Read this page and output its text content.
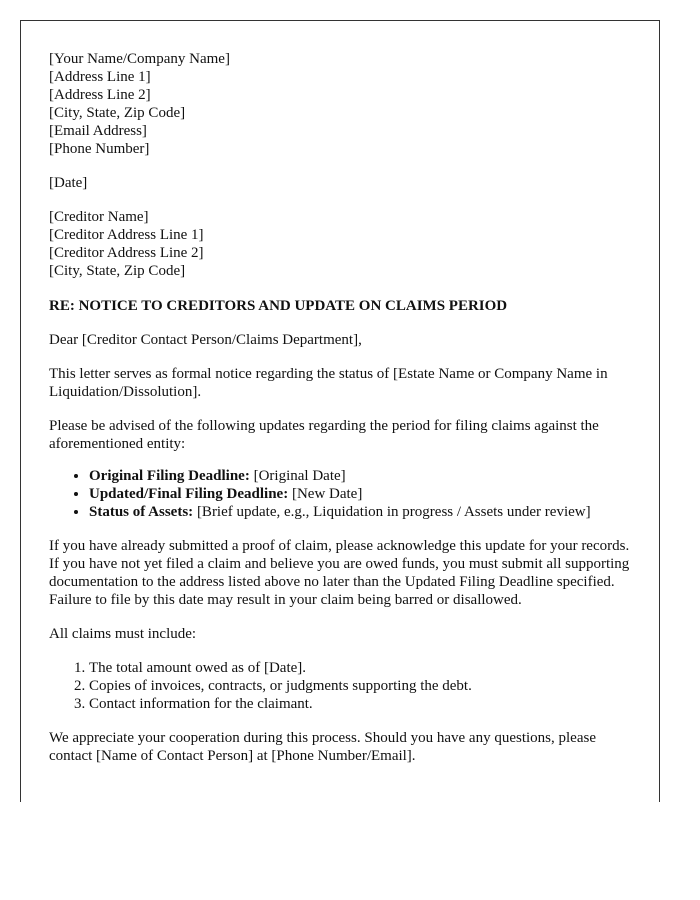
[Your Name/Company Name]
[Address Line 1]
[Address Line 2]
[City, State, Zip Code]
[Email Address]
[Phone Number]

[Date]

[Creditor Name]
[Creditor Address Line 1]
[Creditor Address Line 2]
[City, State, Zip Code]

RE: NOTICE TO CREDITORS AND UPDATE ON CLAIMS PERIOD

Dear [Creditor Contact Person/Claims Department],

This letter serves as formal notice regarding the status of [Estate Name or Company Name in Liquidation/Dissolution].

Please be advised of the following updates regarding the period for filing claims against the aforementioned entity:

• Original Filing Deadline: [Original Date]
• Updated/Final Filing Deadline: [New Date]
• Status of Assets: [Brief update, e.g., Liquidation in progress / Assets under review]

If you have already submitted a proof of claim, please acknowledge this update for your records. If you have not yet filed a claim and believe you are owed funds, you must submit all supporting documentation to the address listed above no later than the Updated Filing Deadline specified. Failure to file by this date may result in your claim being barred or disallowed.

All claims must include:

1. The total amount owed as of [Date].
2. Copies of invoices, contracts, or judgments supporting the debt.
3. Contact information for the claimant.

We appreciate your cooperation during this process. Should you have any questions, please contact [Name of Contact Person] at [Phone Number/Email].
